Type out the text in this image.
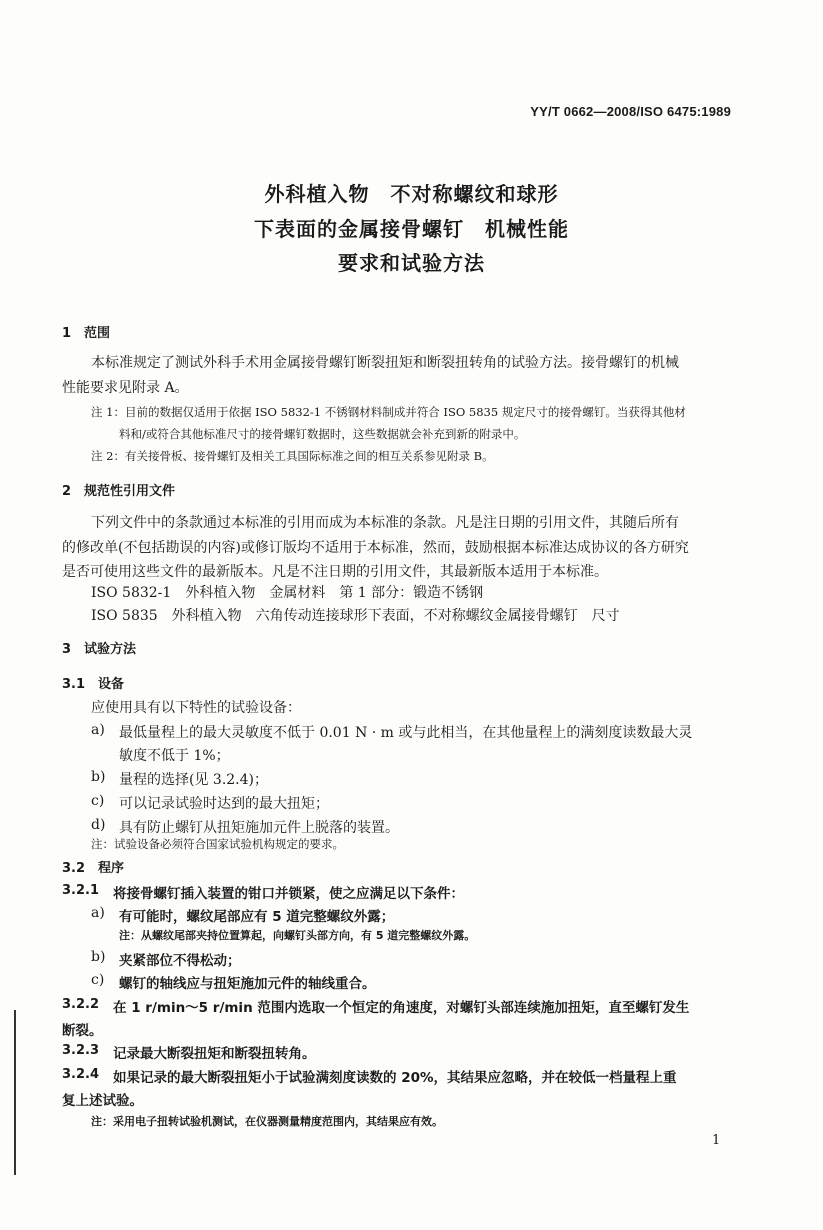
YY/T 0662—2008/ISO 6475:1989
外科植入物　不对称螺纹和球形
下表面的金属接骨螺钉　机械性能
要求和试验方法
1　范围
本标准规定了测试外科手术用金属接骨螺钉断裂扭矩和断裂扭转角的试验方法。接骨螺钉的机械
性能要求见附录 A。
注 1：目前的数据仅适用于依据 ISO 5832-1 不锈钢材料制成并符合 ISO 5835 规定尺寸的接骨螺钉。当获得其他材
料和/或符合其他标准尺寸的接骨螺钉数据时，这些数据就会补充到新的附录中。
注 2：有关接骨板、接骨螺钉及相关工具国际标准之间的相互关系参见附录 B。
2　规范性引用文件
下列文件中的条款通过本标准的引用而成为本标准的条款。凡是注日期的引用文件，其随后所有
的修改单(不包括勘误的内容)或修订版均不适用于本标准，然而，鼓励根据本标准达成协议的各方研究
是否可使用这些文件的最新版本。凡是不注日期的引用文件，其最新版本适用于本标准。
ISO 5832-1　外科植入物　金属材料　第 1 部分：锻造不锈钢
ISO 5835　外科植入物　六角传动连接球形下表面，不对称螺纹金属接骨螺钉　尺寸
3　试验方法
3.1　设备
应使用具有以下特性的试验设备：
a) 最低量程上的最大灵敏度不低于 0.01 N · m 或与此相当，在其他量程上的满刻度读数最大灵
敏度不低于 1%；
b) 量程的选择(见 3.2.4)；
c) 可以记录试验时达到的最大扭矩；
d) 具有防止螺钉从扭矩施加元件上脱落的装置。
注：试验设备必须符合国家试验机构规定的要求。
3.2　程序
3.2.1 将接骨螺钉插入装置的钳口并锁紧，使之应满足以下条件：
a) 有可能时，螺纹尾部应有 5 道完整螺纹外露；
注：从螺纹尾部夹持位置算起，向螺钉头部方向，有 5 道完整螺纹外露。
b) 夹紧部位不得松动；
c) 螺钉的轴线应与扭矩施加元件的轴线重合。
3.2.2 在 1 r/min～5 r/min 范围内选取一个恒定的角速度，对螺钉头部连续施加扭矩，直至螺钉发生
断裂。
3.2.3 记录最大断裂扭矩和断裂扭转角。
3.2.4 如果记录的最大断裂扭矩小于试验满刻度读数的 20%，其结果应忽略，并在较低一档量程上重
复上述试验。
注：采用电子扭转试验机测试，在仪器测量精度范围内，其结果应有效。
1
